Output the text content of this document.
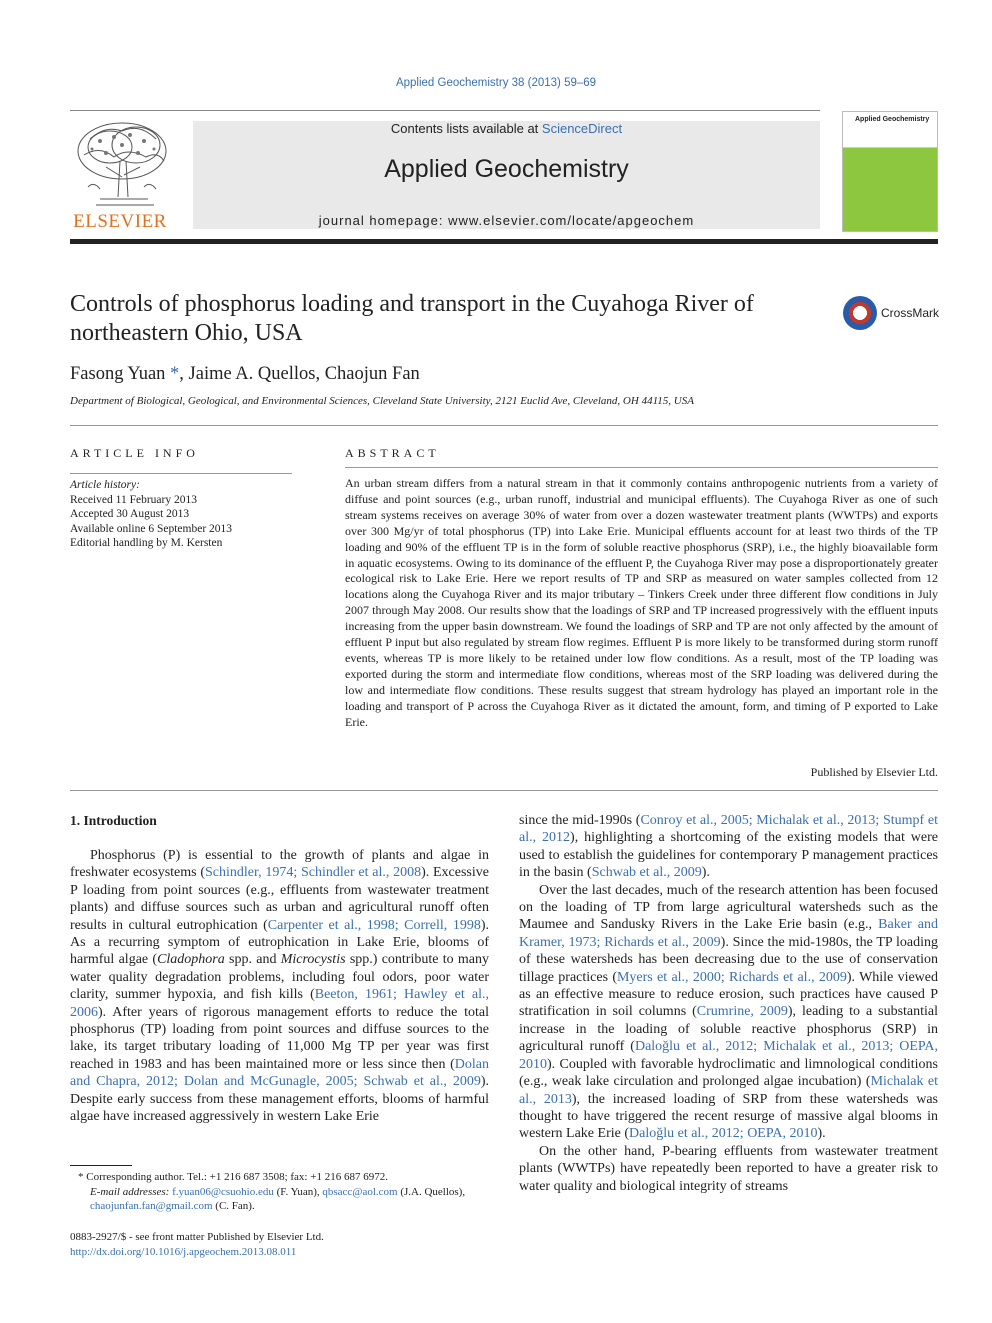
Applied Geochemistry 38 (2013) 59–69
ELSEVIER
Contents lists available at ScienceDirect
Applied Geochemistry
journal homepage: www.elsevier.com/locate/apgeochem
Applied Geochemistry
Controls of phosphorus loading and transport in the Cuyahoga River of northeastern Ohio, USA
CrossMark
Fasong Yuan *, Jaime A. Quellos, Chaojun Fan
Department of Biological, Geological, and Environmental Sciences, Cleveland State University, 2121 Euclid Ave, Cleveland, OH 44115, USA
ARTICLE INFO
Article history:
Received 11 February 2013
Accepted 30 August 2013
Available online 6 September 2013
Editorial handling by M. Kersten
ABSTRACT
An urban stream differs from a natural stream in that it commonly contains anthropogenic nutrients from a variety of diffuse and point sources (e.g., urban runoff, industrial and municipal effluents). The Cuyahoga River as one of such stream systems receives on average 30% of water from over a dozen wastewater treatment plants (WWTPs) and exports over 300 Mg/yr of total phosphorus (TP) into Lake Erie. Municipal effluents account for at least two thirds of the TP loading and 90% of the effluent TP is in the form of soluble reactive phosphorus (SRP), i.e., the highly bioavailable form in aquatic ecosystems. Owing to its dominance of the effluent P, the Cuyahoga River may pose a disproportionately greater ecological risk to Lake Erie. Here we report results of TP and SRP as measured on water samples collected from 12 locations along the Cuyahoga River and its major tributary – Tinkers Creek under three different flow conditions in July 2007 through May 2008. Our results show that the loadings of SRP and TP increased progressively with the effluent inputs increasing from the upper basin downstream. We found the loadings of SRP and TP are not only affected by the amount of effluent P input but also regulated by stream flow regimes. Effluent P is more likely to be transformed during storm runoff events, whereas TP is more likely to be retained under low flow conditions. As a result, most of the TP loading was exported during the storm and intermediate flow conditions, whereas most of the SRP loading was delivered during the low and intermediate flow conditions. These results suggest that stream hydrology has played an important role in the loading and transport of P across the Cuyahoga River as it dictated the amount, form, and timing of P exported to Lake Erie.
Published by Elsevier Ltd.
1. Introduction

Phosphorus (P) is essential to the growth of plants and algae in freshwater ecosystems (Schindler, 1974; Schindler et al., 2008). Excessive P loading from point sources (e.g., effluents from wastewater treatment plants) and diffuse sources such as urban and agricultural runoff often results in cultural eutrophication (Carpenter et al., 1998; Correll, 1998). As a recurring symptom of eutrophication in Lake Erie, blooms of harmful algae (Cladophora spp. and Microcystis spp.) contribute to many water quality degradation problems, including foul odors, poor water clarity, summer hypoxia, and fish kills (Beeton, 1961; Hawley et al., 2006). After years of rigorous management efforts to reduce the total phosphorus (TP) loading from point sources and diffuse sources to the lake, its target tributary loading of 11,000 Mg TP per year was first reached in 1983 and has been maintained more or less since then (Dolan and Chapra, 2012; Dolan and McGunagle, 2005; Schwab et al., 2009). Despite early success from these management efforts, blooms of harmful algae have increased aggressively in western Lake Erie

since the mid-1990s (Conroy et al., 2005; Michalak et al., 2013; Stumpf et al., 2012), highlighting a shortcoming of the existing models that were used to establish the guidelines for contemporary P management practices in the basin (Schwab et al., 2009).

Over the last decades, much of the research attention has been focused on the loading of TP from large agricultural watersheds such as the Maumee and Sandusky Rivers in the Lake Erie basin (e.g., Baker and Kramer, 1973; Richards et al., 2009). Since the mid-1980s, the TP loading of these watersheds has been decreasing due to the use of conservation tillage practices (Myers et al., 2000; Richards et al., 2009). While viewed as an effective measure to reduce erosion, such practices have caused P stratification in soil columns (Crumrine, 2009), leading to a substantial increase in the loading of soluble reactive phosphorus (SRP) in agricultural runoff (Daloğlu et al., 2012; Michalak et al., 2013; OEPA, 2010). Coupled with favorable hydroclimatic and limnological conditions (e.g., weak lake circulation and prolonged algae incubation) (Michalak et al., 2013), the increased loading of SRP from these watersheds was thought to have triggered the recent resurge of massive algal blooms in western Lake Erie (Daloğlu et al., 2012; OEPA, 2010).

On the other hand, P-bearing effluents from wastewater treatment plants (WWTPs) have repeatedly been reported to have a greater risk to water quality and biological integrity of streams

* Corresponding author. Tel.: +1 216 687 3508; fax: +1 216 687 6972.
E-mail addresses: f.yuan06@csuohio.edu (F. Yuan), qbsacc@aol.com (J.A. Quellos), chaojunfan.fan@gmail.com (C. Fan).
0883-2927/$ - see front matter Published by Elsevier Ltd.
http://dx.doi.org/10.1016/j.apgeochem.2013.08.011
